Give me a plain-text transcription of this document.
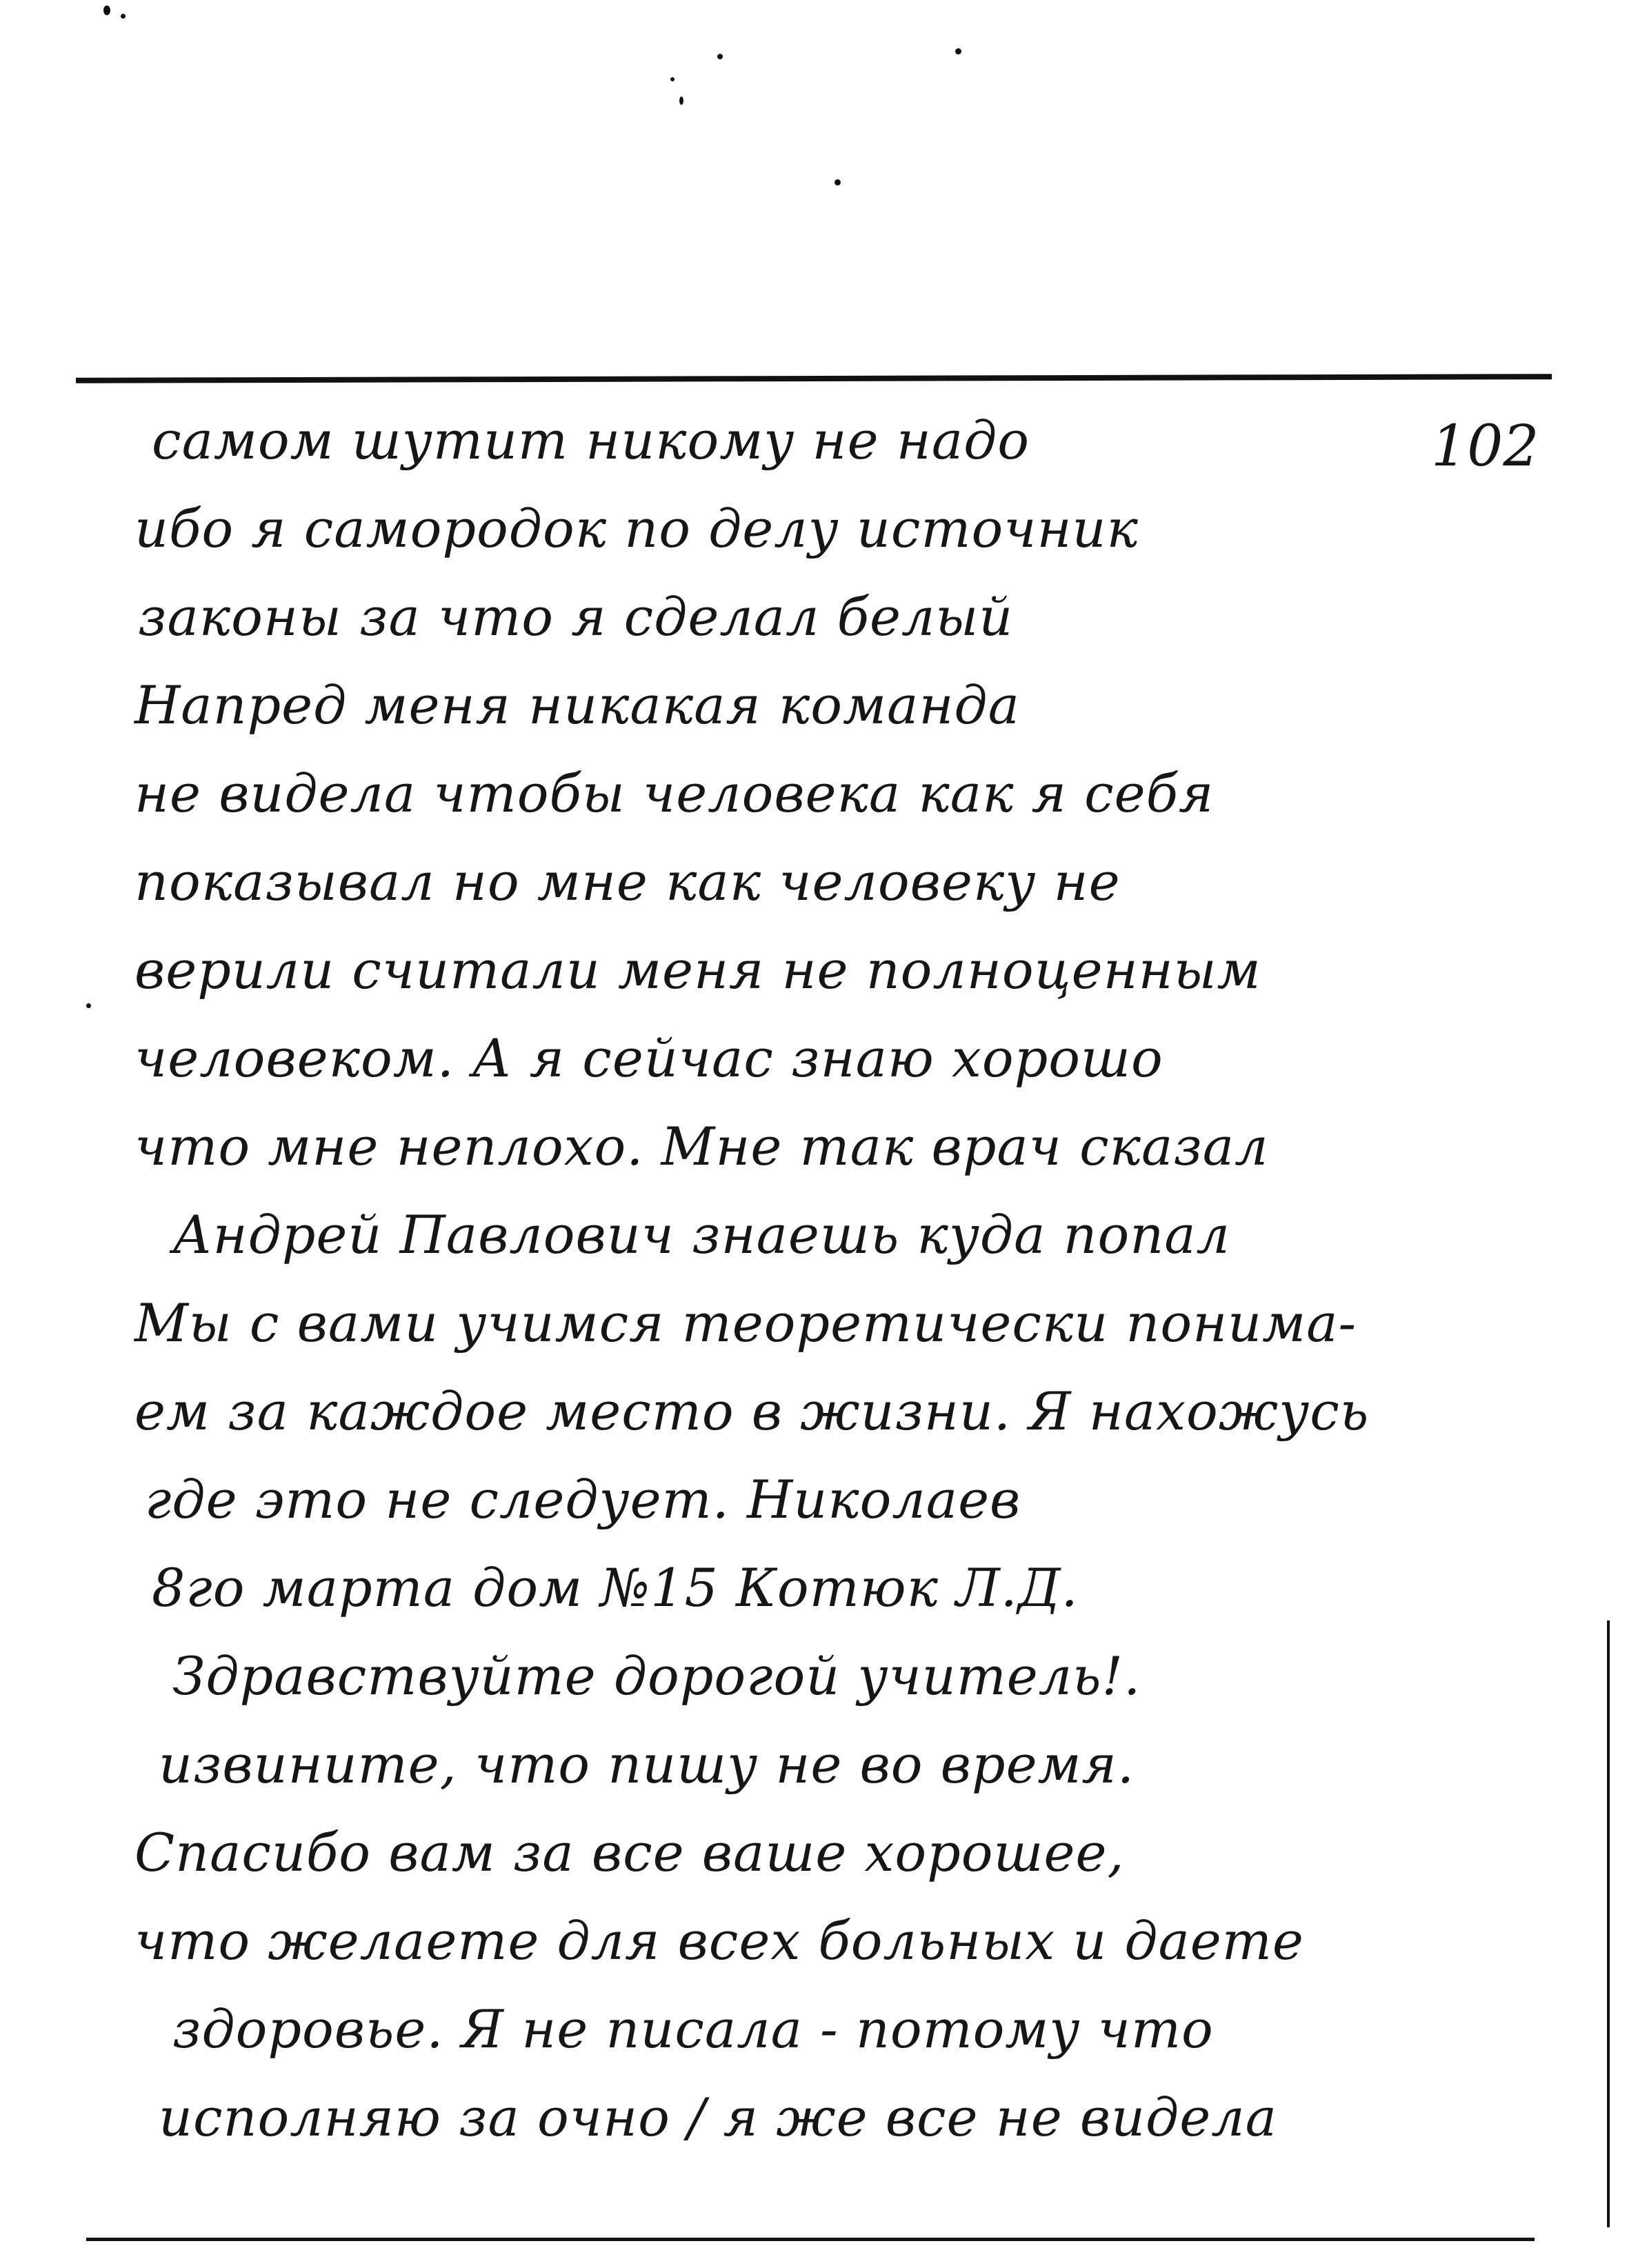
102
самом шутит никому не надо
ибо я самородок по делу источник
законы за что я сделал белый
Напред меня никакая команда
не видела чтобы человека как я себя
показывал но мне как человеку не
верили считали меня не полноценным
человеком. А я сейчас знаю хорошо
что мне неплохо. Мне так врач сказал
Андрей Павлович знаешь куда попал
Мы с вами учимся теоретически понима-
ем за каждое место в жизни. Я нахожусь
где это не следует. Николаев
8го марта дом №15 Котюк Л.Д.
Здравствуйте дорогой учитель!.
извините, что пишу не во время.
Спасибо вам за все ваше хорошее,
что желаете для всех больных и даете
здоровье. Я не писала - потому что
исполняю за очно / я же все не видела
